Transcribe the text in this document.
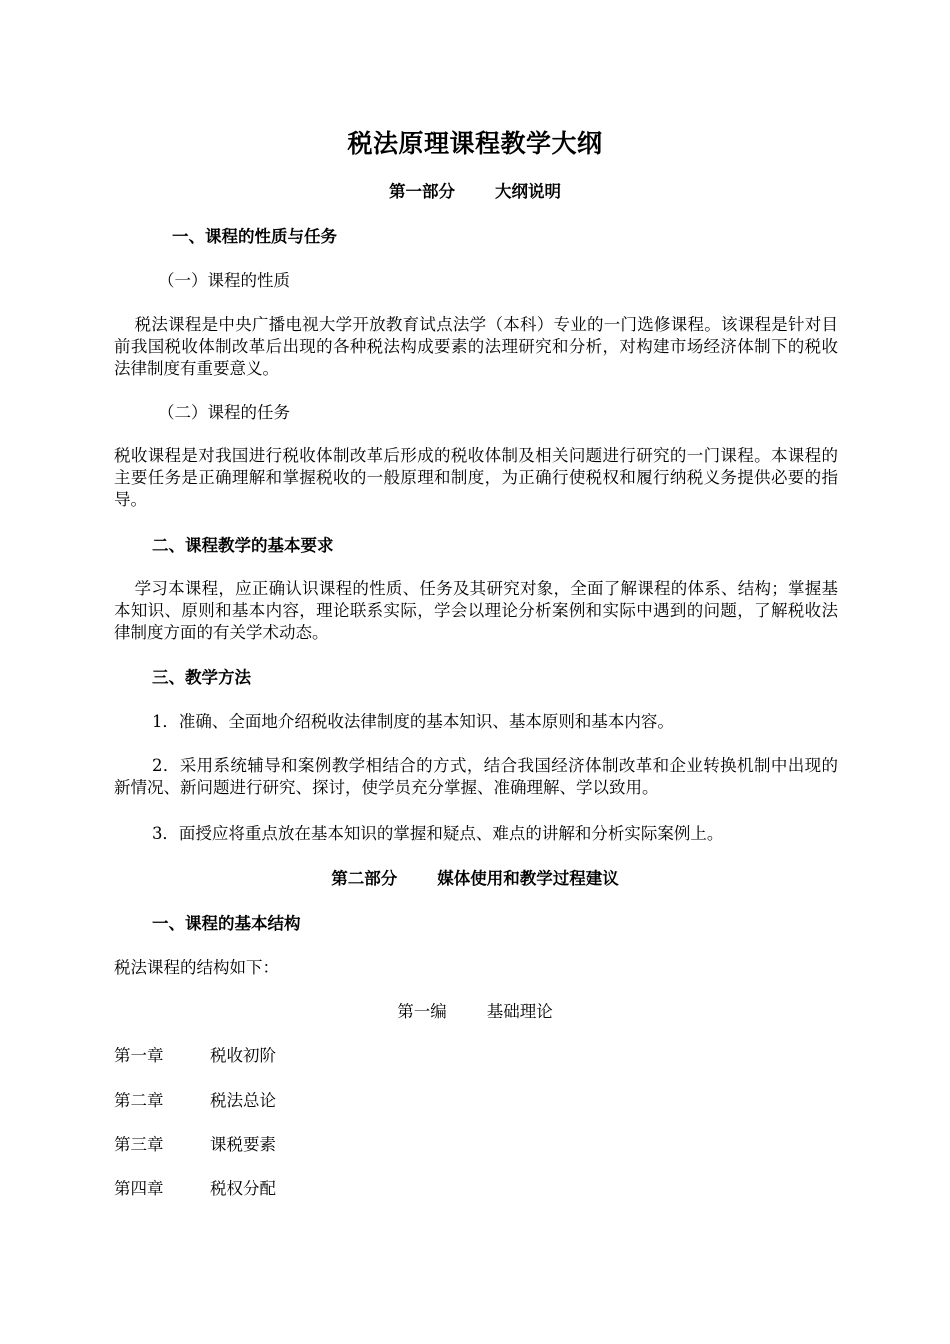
税法原理课程教学大纲
第一部分 大纲说明
一、课程的性质与任务
（一）课程的性质
税法课程是中央广播电视大学开放教育试点法学（本科）专业的一门选修课程。该课程是针对目前我国税收体制改革后出现的各种税法构成要素的法理研究和分析，对构建市场经济体制下的税收法律制度有重要意义。
（二）课程的任务
税收课程是对我国进行税收体制改革后形成的税收体制及相关问题进行研究的一门课程。本课程的主要任务是正确理解和掌握税收的一般原理和制度，为正确行使税权和履行纳税义务提供必要的指导。
二、课程教学的基本要求
学习本课程，应正确认识课程的性质、任务及其研究对象，全面了解课程的体系、结构；掌握基本知识、原则和基本内容，理论联系实际，学会以理论分析案例和实际中遇到的问题，了解税收法律制度方面的有关学术动态。
三、教学方法
1．准确、全面地介绍税收法律制度的基本知识、基本原则和基本内容。
2．采用系统辅导和案例教学相结合的方式，结合我国经济体制改革和企业转换机制中出现的新情况、新问题进行研究、探讨，使学员充分掌握、准确理解、学以致用。
3．面授应将重点放在基本知识的掌握和疑点、难点的讲解和分析实际案例上。
第二部分 媒体使用和教学过程建议
一、课程的基本结构
税法课程的结构如下：
第一编 基础理论
第一章	税收初阶
第二章	税法总论
第三章	课税要素
第四章	税权分配
